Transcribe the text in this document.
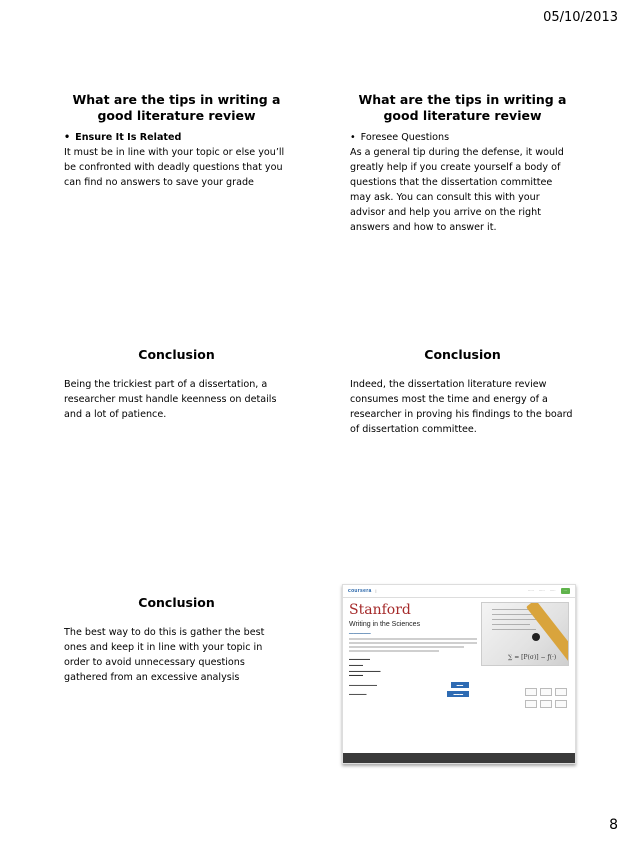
05/10/2013
What are the tips in writing a good literature review
• Ensure It Is Related

It must be in line with your topic or else you’ll be confronted with deadly questions that you can find no answers to save your grade

What are the tips in writing a good literature review
• Foresee Questions

As a general tip during the defense, it would greatly help if you create yourself a body of questions that the dissertation committee may ask. You can consult this with your advisor and help you arrive on the right answers and how to answer it.

Conclusion

Being the trickiest part of a dissertation, a researcher must handle keenness on details and a lot of patience.

Conclusion

Indeed, the dissertation literature review consumes most the time and energy of a researcher in proving his findings to the board of dissertation committee.

Conclusion

The best way to do this is gather the best ones and keep it in line with your topic in order to avoid unnecessary questions gathered from an excessive analysis

coursera |	····· ····· ·····	···
Stanford
Writing in the Sciences
━━━━━━━━━
▬▬▬▬▬▬
▬▬▬▬
▬▬▬▬▬▬▬▬▬
∑ = [P(σ)] − ƒ(·)
▬▬▬▬
▬▬▬▬▬▬▬▬	▬▬
▬▬▬▬▬	▬▬▬
8
